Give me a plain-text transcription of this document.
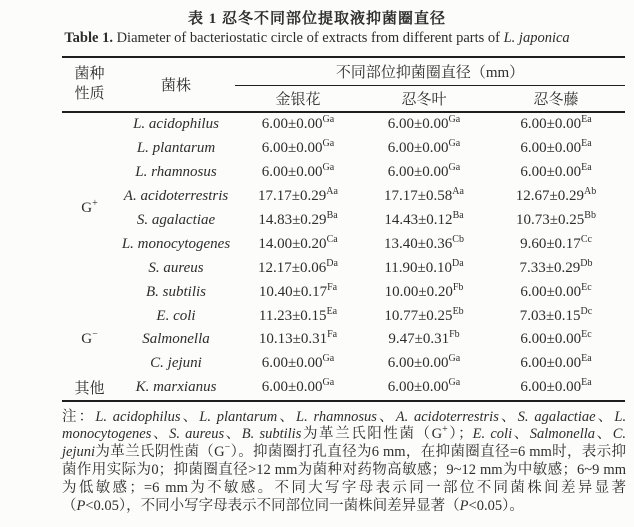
表 1 忍冬不同部位提取液抑菌圈直径
Table 1. Diameter of bacteriostatic circle of extracts from different parts of L. japonica
菌种
性质	菌株	不同部位抑菌圈直径（mm）		
		金银花	忍冬叶	忍冬藤
G+	L. acidophilus	$6.00\pm 0.00^{Ga}$	$6.00\pm 0.00^{Ga}$	$6.00\pm 0.00^{Ea}$
	L. plantarum	$6.00\pm 0.00^{Ga}$	$6.00\pm 0.00^{Ga}$	$6.00\pm 0.00^{Ea}$
	L. rhamnosus	$6.00\pm 0.00^{Ga}$	$6.00\pm 0.00^{Ga}$	$6.00\pm 0.00^{Ea}$
	A. acidoterrestris	$17.17\pm 0.29^{Aa}$	$17.17\pm 0.58^{Aa}$	$12.67\pm 0.29^{Ab}$
	S. agalactiae	$14.83\pm 0.29^{Ba}$	$14.43\pm 0.12^{Ba}$	$10.73\pm 0.25^{Bb}$
	L. monocytogenes	$14.00\pm 0.20^{Ca}$	$13.40\pm 0.36^{Cb}$	$9.60\pm 0.17^{Cc}$
	S. aureus	$12.17\pm 0.06^{Da}$	$11.90\pm 0.10^{Da}$	$7.33\pm 0.29^{Db}$
	B. subtilis	$10.40\pm 0.17^{Fa}$	$10.00\pm 0.20^{Fb}$	$6.00\pm 0.00^{Ec}$
G−	E. coli	$11.23\pm 0.15^{Ea}$	$10.77\pm 0.25^{Eb}$	$7.03\pm 0.15^{Dc}$
	Salmonella	$10.13\pm 0.31^{Fa}$	$9.47\pm 0.31^{Fb}$	$6.00\pm 0.00^{Ec}$
	C. jejuni	$6.00\pm 0.00^{Ga}$	$6.00\pm 0.00^{Ga}$	$6.00\pm 0.00^{Ea}$
其他	K. marxianus	$6.00\pm 0.00^{Ga}$	$6.00\pm 0.00^{Ga}$	$6.00\pm 0.00^{Ea}$

注：L. acidophilus、L. plantarum、L. rhamnosus、A. acidoterrestris、S. agalactiae、L. monocytogenes、S. aureus、B. subtilis为革兰氏阳性菌（G+）；E. coli、Salmonella、C. jejuni为革兰氏阴性菌（G−）。抑菌圈打孔直径为6 mm，在抑菌圈直径=6 mm时，表示抑菌作用实际为0；抑菌圈直径>12 mm为菌种对药物高敏感；9~12 mm为中敏感；6~9 mm为低敏感；=6 mm为不敏感。不同大写字母表示同一部位不同菌株间差异显著（P<0.05），不同小写字母表示不同部位同一菌株间差异显著（P<0.05）。
